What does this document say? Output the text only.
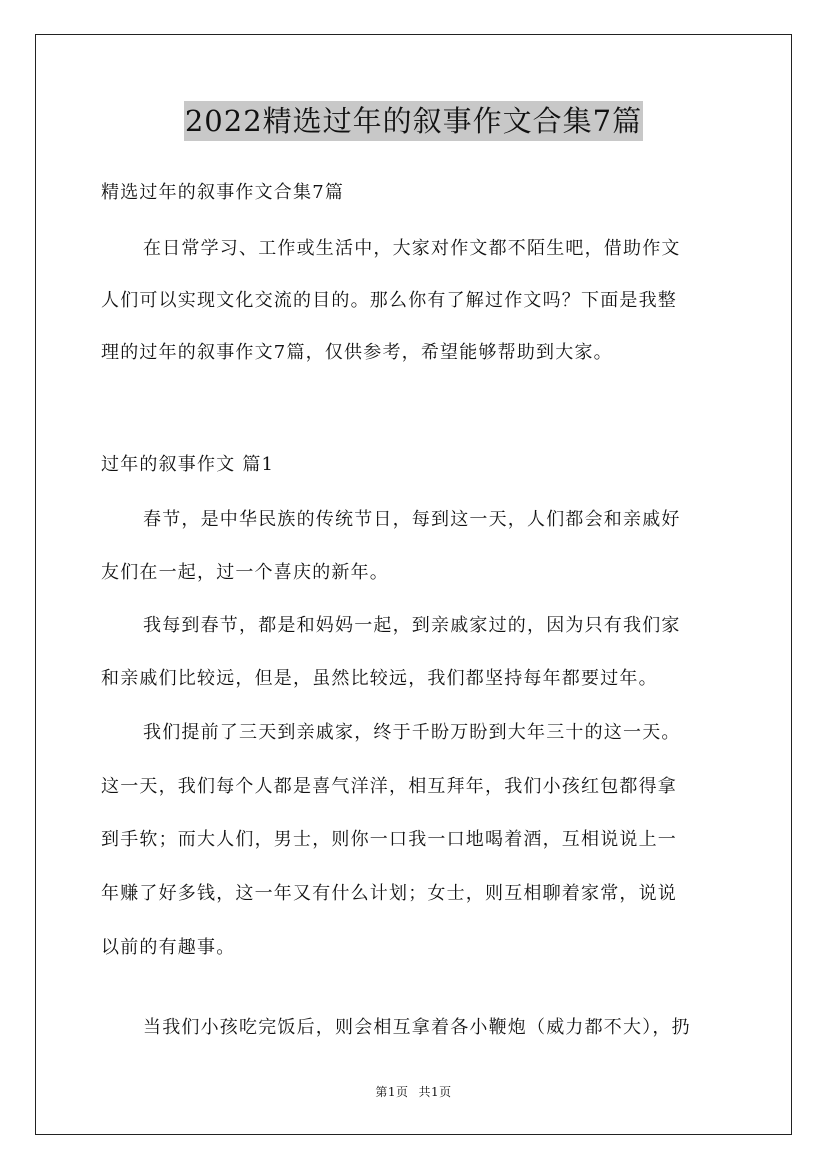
2022精选过年的叙事作文合集7篇
精选过年的叙事作文合集7篇
在日常学习、工作或生活中，大家对作文都不陌生吧，借助作文
人们可以实现文化交流的目的。那么你有了解过作文吗？下面是我整
理的过年的叙事作文7篇，仅供参考，希望能够帮助到大家。
过年的叙事作文 篇1
春节，是中华民族的传统节日，每到这一天，人们都会和亲戚好
友们在一起，过一个喜庆的新年。
我每到春节，都是和妈妈一起，到亲戚家过的，因为只有我们家
和亲戚们比较远，但是，虽然比较远，我们都坚持每年都要过年。
我们提前了三天到亲戚家，终于千盼万盼到大年三十的这一天。
这一天，我们每个人都是喜气洋洋，相互拜年，我们小孩红包都得拿
到手软；而大人们，男士，则你一口我一口地喝着酒，互相说说上一
年赚了好多钱，这一年又有什么计划；女士，则互相聊着家常，说说
以前的有趣事。
当我们小孩吃完饭后，则会相互拿着各小鞭炮（威力都不大），扔
第1页 共1页
